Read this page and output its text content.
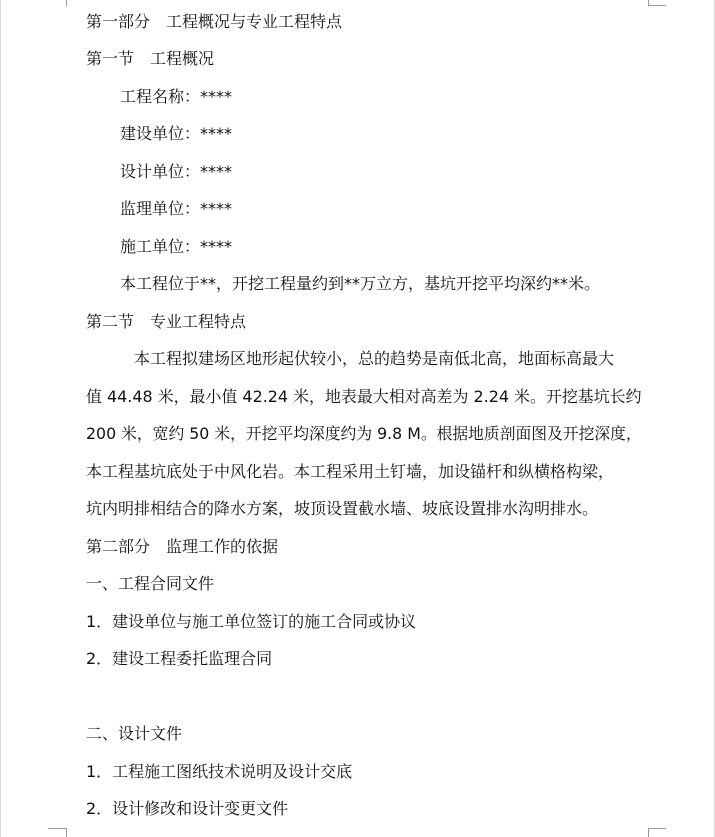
第一部分　工程概况与专业工程特点
第一节　工程概况
工程名称：****
建设单位：****
设计单位：****
监理单位：****
施工单位：****
本工程位于**，开挖工程量约到**万立方，基坑开挖平均深约**米。
第二节　专业工程特点
本工程拟建场区地形起伏较小，总的趋势是南低北高，地面标高最大
值 44.48 米，最小值 42.24 米，地表最大相对高差为 2.24 米。开挖基坑长约
200 米，宽约 50 米，开挖平均深度约为 9.8 M。根据地质剖面图及开挖深度，
本工程基坑底处于中风化岩。本工程采用土钉墙，加设锚杆和纵横格构梁，
坑内明排相结合的降水方案，坡顶设置截水墙、坡底设置排水沟明排水。
第二部分　监理工作的依据
一、工程合同文件
1．建设单位与施工单位签订的施工合同或协议
2．建设工程委托监理合同
二、设计文件
1．工程施工图纸技术说明及设计交底
2．设计修改和设计变更文件
